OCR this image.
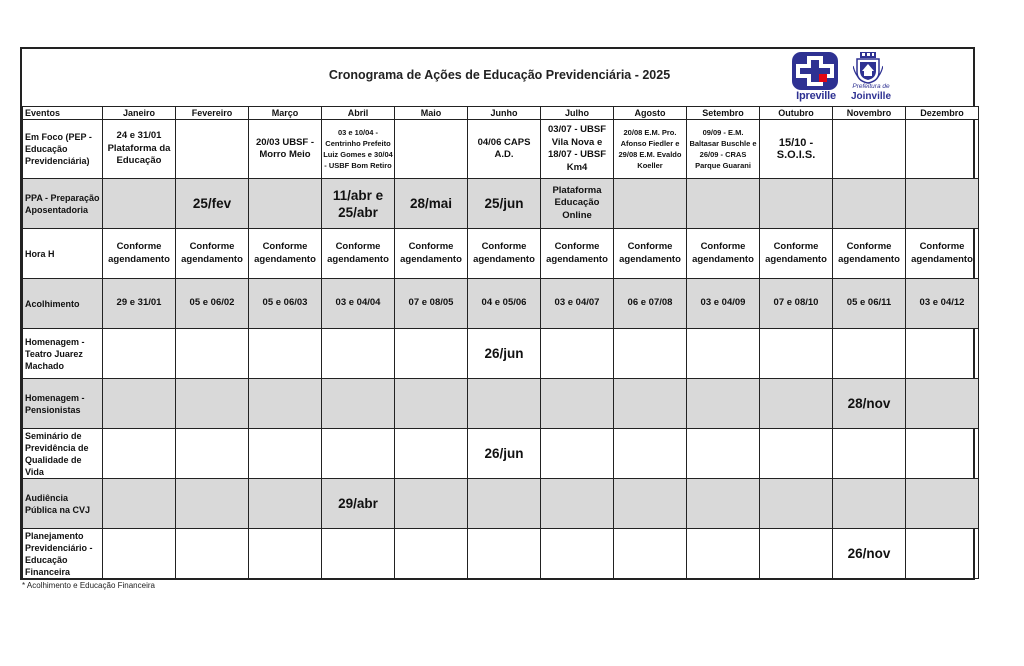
Cronograma de Ações de Educação Previdenciária - 2025
Ipreville
Prefeitura de
Joinville
Eventos	Janeiro	Fevereiro	Março	Abril	Maio	Junho	Julho	Agosto	Setembro	Outubro	Novembro	Dezembro
Em Foco (PEP - Educação Previdenciária)	24 e 31/01 Plataforma da Educação		20/03 UBSF - Morro Meio	03 e 10/04 - Centrinho Prefeito Luiz Gomes e 30/04 - USBF Bom Retiro		04/06 CAPS A.D.	03/07 - UBSF Vila Nova e 18/07 - UBSF Km4	20/08 E.M. Pro. Afonso Fiedler e 29/08 E.M. Evaldo Koeller	09/09 - E.M. Baltasar Buschle e 26/09 - CRAS Parque Guarani	15/10 - S.O.I.S.		
PPA - Preparação Aposentadoria		25/fev		11/abr e 25/abr	28/mai	25/jun	Plataforma Educação Online					
Hora H	Conforme agendamento	Conforme agendamento	Conforme agendamento	Conforme agendamento	Conforme agendamento	Conforme agendamento	Conforme agendamento	Conforme agendamento	Conforme agendamento	Conforme agendamento	Conforme agendamento	Conforme agendamento
Acolhimento	29 e 31/01	05 e 06/02	05 e 06/03	03 e 04/04	07 e 08/05	04 e 05/06	03 e 04/07	06 e 07/08	03 e 04/09	07 e 08/10	05 e 06/11	03 e 04/12
Homenagem - Teatro Juarez Machado						26/jun						
Homenagem - Pensionistas											28/nov	
Seminário de Previdência de Qualidade de Vida						26/jun						
Audiência Pública na CVJ				29/abr								
Planejamento Previdenciário - Educação Financeira											26/nov	
* Acolhimento e Educação Financeira
